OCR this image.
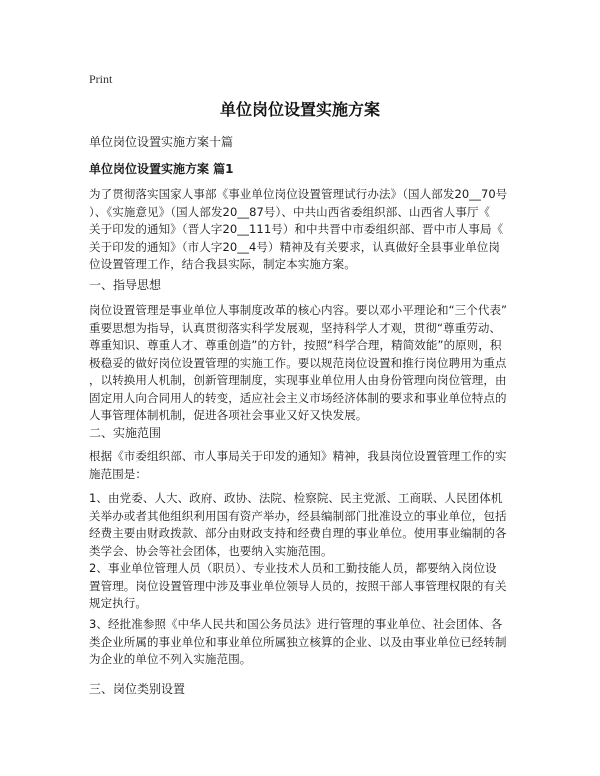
Print
单位岗位设置实施方案
单位岗位设置实施方案十篇
单位岗位设置实施方案 篇1

为了贯彻落实国家人事部《事业单位岗位设置管理试行办法》（国人部发20__70号
）、《实施意见》（国人部发20__87号）、中共山西省委组织部、山西省人事厅《
关于印发的通知》（晋人字20__111号）和中共晋中市委组织部、晋中市人事局《
关于印发的通知》（市人字20__4号）精神及有关要求，认真做好全县事业单位岗
位设置管理工作，结合我县实际，制定本实施方案。

一、指导思想

岗位设置管理是事业单位人事制度改革的核心内容。要以邓小平理论和“三个代表”
重要思想为指导，认真贯彻落实科学发展观，坚持科学人才观，贯彻“尊重劳动、
尊重知识、尊重人才、尊重创造”的方针，按照“科学合理，精简效能”的原则，积
极稳妥的做好岗位设置管理的实施工作。要以规范岗位设置和推行岗位聘用为重点
，以转换用人机制，创新管理制度，实现事业单位用人由身份管理向岗位管理，由
固定用人向合同用人的转变，适应社会主义市场经济体制的要求和事业单位特点的
人事管理体制机制，促进各项社会事业又好又快发展。

二、实施范围

根据《市委组织部、市人事局关于印发的通知》精神，我县岗位设置管理工作的实
施范围是：

1、由党委、人大、政府、政协、法院、检察院、民主党派、工商联、人民团体机
关举办或者其他组织利用国有资产举办，经县编制部门批准设立的事业单位，包括
经费主要由财政拨款、部分由财政支持和经费自理的事业单位。使用事业编制的各
类学会、协会等社会团体，也要纳入实施范围。

2、事业单位管理人员（职员）、专业技术人员和工勤技能人员，都要纳入岗位设
置管理。岗位设置管理中涉及事业单位领导人员的，按照干部人事管理权限的有关
规定执行。

3、经批准参照《中华人民共和国公务员法》进行管理的事业单位、社会团体、各
类企业所属的事业单位和事业单位所属独立核算的企业、以及由事业单位已经转制
为企业的单位不列入实施范围。

三、岗位类别设置
